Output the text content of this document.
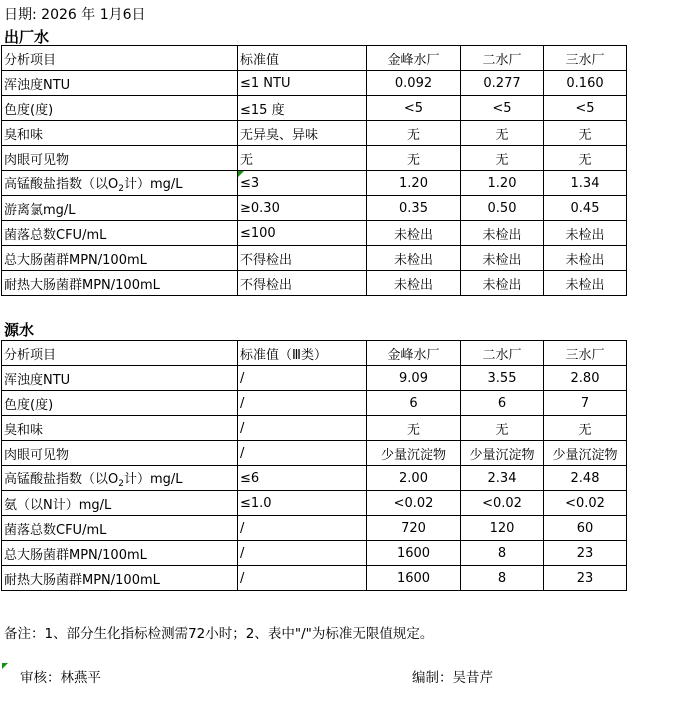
日期: 2026 年 1月6日
出厂水
分析项目	标准值	金峰水厂	二水厂	三水厂
浑浊度NTU	≤1 NTU	0.092	0.277	0.160
色度(度)	≤15 度	<5	<5	<5
臭和味	无异臭、异味	无	无	无
肉眼可见物	无	无	无	无
高锰酸盐指数（以$O_2$计）mg/L	≤3	1.20	1.20	1.34
游离氯mg/L	≥0.30	0.35	0.50	0.45
菌落总数CFU/mL	≤100	未检出	未检出	未检出
总大肠菌群MPN/100mL	不得检出	未检出	未检出	未检出
耐热大肠菌群MPN/100mL	不得检出	未检出	未检出	未检出
源水
分析项目	标准值（Ⅲ类）	金峰水厂	二水厂	三水厂
浑浊度NTU	/	9.09	3.55	2.80
色度(度)	/	6	6	7
臭和味	/	无	无	无
肉眼可见物	/	少量沉淀物	少量沉淀物	少量沉淀物
高锰酸盐指数（以$O_2$计）mg/L	≤6	2.00	2.34	2.48
氨（以N计）mg/L	≤1.0	<0.02	<0.02	<0.02
菌落总数CFU/mL	/	720	120	60
总大肠菌群MPN/100mL	/	1600	8	23
耐热大肠菌群MPN/100mL	/	1600	8	23
备注：1、部分生化指标检测需72小时；2、表中"/"为标准无限值规定。
审核：林燕平	编制：吴昔芹
